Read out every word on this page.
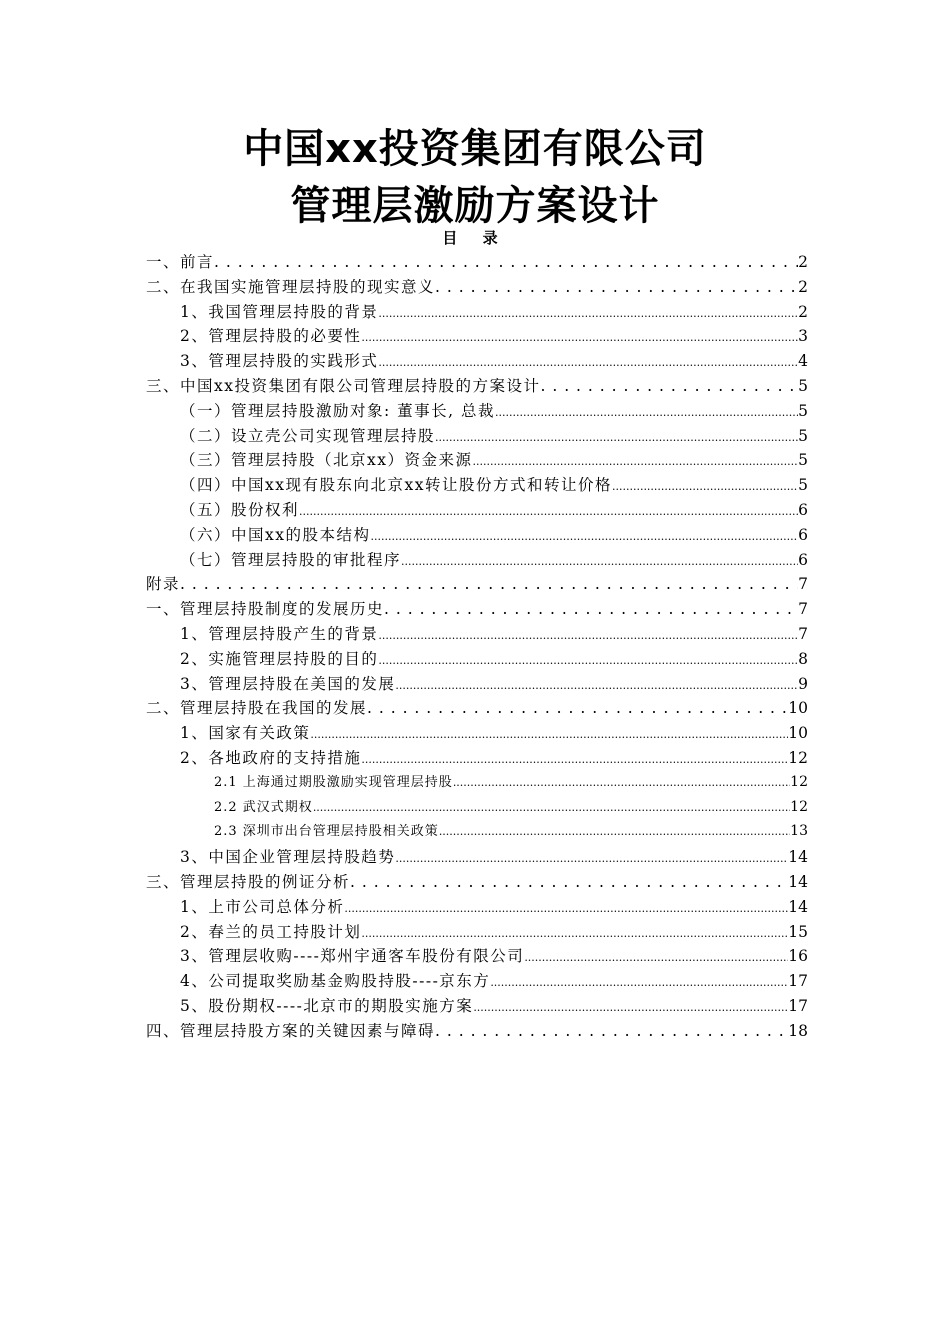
中国xx投资集团有限公司
管理层激励方案设计
目 录
一、前言 . . .	2
二、在我国实施管理层持股的现实意义 . . .	2
1、我国管理层持股的背景 .....	2
2、管理层持股的必要性 .....	3
3、管理层持股的实践形式 .....	4
三、中国xx投资集团有限公司管理层持股的方案设计 . . .	5
（一）管理层持股激励对象: 董事长, 总裁 .....	5
（二）设立壳公司实现管理层持股 .....	5
（三）管理层持股（北京xx）资金来源 .....	5
（四）中国xx现有股东向北京xx转让股份方式和转让价格 .....	5
（五）股份权利 .....	6
（六）中国xx的股本结构 .....	6
（七）管理层持股的审批程序 .....	6
附录 . . .	7
一、管理层持股制度的发展历史 . . .	7
1、管理层持股产生的背景 .....	7
2、实施管理层持股的目的 .....	8
3、管理层持股在美国的发展 .....	9
二、管理层持股在我国的发展 . . .	10
1、国家有关政策 .....	10
2、各地政府的支持措施 .....	12
2.1 上海通过期股激励实现管理层持股 .....	12
2.2 武汉式期权 .....	12
2.3 深圳市出台管理层持股相关政策 .....	13
3、中国企业管理层持股趋势 .....	14
三、管理层持股的例证分析 . . .	14
1、上市公司总体分析 .....	14
2、春兰的员工持股计划 .....	15
3、管理层收购----郑州宇通客车股份有限公司 .....	16
4、公司提取奖励基金购股持股----京东方 .....	17
5、股份期权----北京市的期股实施方案 .....	17
四、管理层持股方案的关键因素与障碍 . . .	18
